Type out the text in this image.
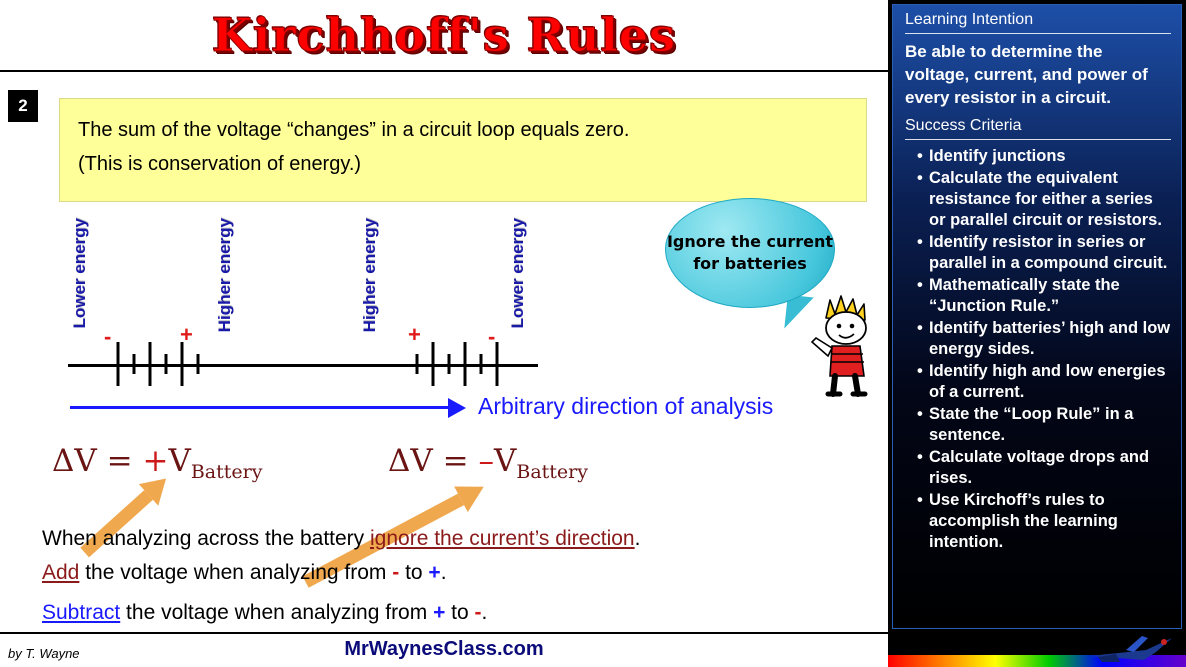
Kirchhoff's Rules
2
The sum of the voltage “changes” in a circuit loop equals zero.
(This is conservation of energy.)
Lower energy	Higher energy	Higher energy	Lower energy
-	+	+	-
Arbitrary direction of analysis
Ignore the current for batteries
$\Delta V = +V_{Battery}$	$\Delta V = -V_{Battery}$
When analyzing across the battery ignore the current’s direction.
Add the voltage when analyzing from - to +.
Subtract the voltage when analyzing from + to -.
by T. Wayne	MrWaynesClass.com
Learning Intention
Be able to determine the voltage, current, and power of every resistor in a circuit.
Success Criteria
• Identify junctions
• Calculate the equivalent resistance for either a series or parallel circuit or resistors.
• Identify resistor in series or parallel in a compound circuit.
• Mathematically state the “Junction Rule.”
• Identify batteries’ high and low energy sides.
• Identify high and low energies of a current.
• State the “Loop Rule” in a sentence.
• Calculate voltage drops and rises.
• Use Kirchoff’s rules to accomplish the learning intention.
